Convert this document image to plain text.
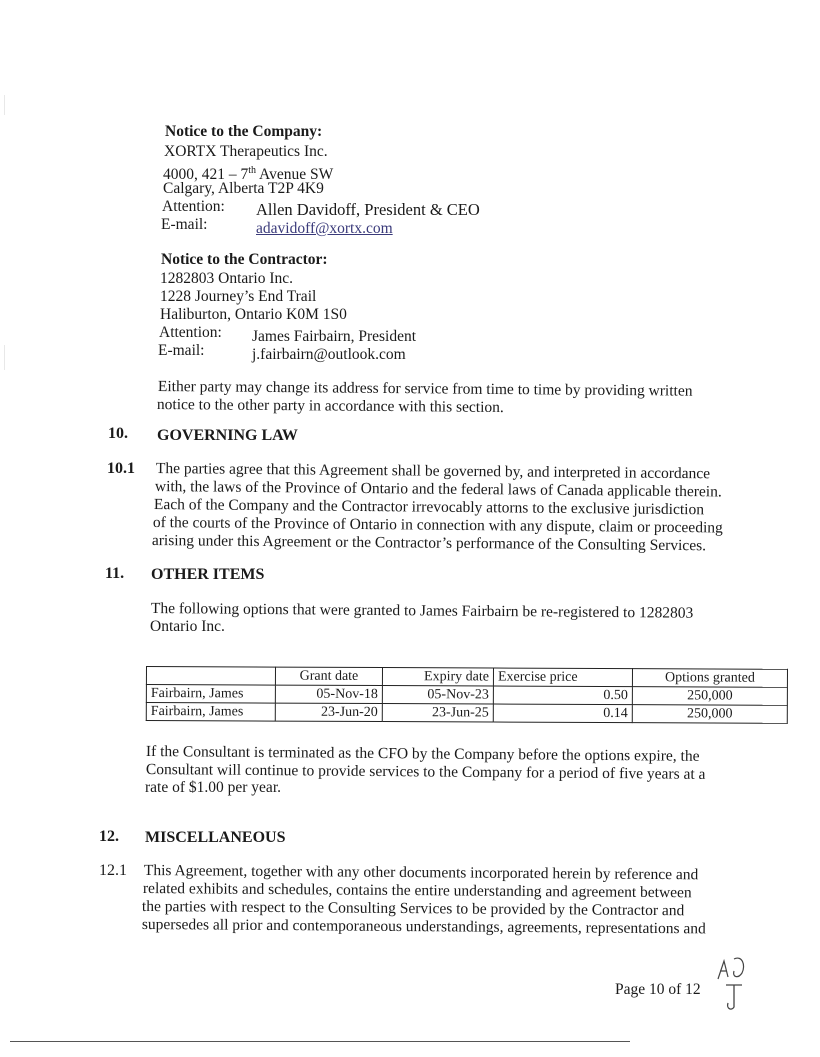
Notice to the Company:
XORTX Therapeutics Inc.
4000, 421 – 7th Avenue SW
Calgary, Alberta T2P 4K9
Attention: Allen Davidoff, President & CEO
E-mail:	adavidoff@xortx.com
Notice to the Contractor:
1282803 Ontario Inc.
1228 Journey’s End Trail
Haliburton, Ontario K0M 1S0
Attention: James Fairbairn, President
E-mail:	j.fairbairn@outlook.com
Either party may change its address for service from time to time by providing written
notice to the other party in accordance with this section.
10. GOVERNING LAW
10.1 The parties agree that this Agreement shall be governed by, and interpreted in accordance
with, the laws of the Province of Ontario and the federal laws of Canada applicable therein.
Each of the Company and the Contractor irrevocably attorns to the exclusive jurisdiction
of the courts of the Province of Ontario in connection with any dispute, claim or proceeding
arising under this Agreement or the Contractor’s performance of the Consulting Services.
11. OTHER ITEMS
The following options that were granted to James Fairbairn be re-registered to 1282803
Ontario Inc.
	Grant date	Expiry date	Exercise price	Options granted
Fairbairn, James	05-Nov-18	05-Nov-23	0.50	250,000
Fairbairn, James	23-Jun-20	23-Jun-25	0.14	250,000
If the Consultant is terminated as the CFO by the Company before the options expire, the
Consultant will continue to provide services to the Company for a period of five years at a
rate of $1.00 per year.
12. MISCELLANEOUS
12.1 This Agreement, together with any other documents incorporated herein by reference and
related exhibits and schedules, contains the entire understanding and agreement between
the parties with respect to the Consulting Services to be provided by the Contractor and
supersedes all prior and contemporaneous understandings, agreements, representations and
Page 10 of 12
